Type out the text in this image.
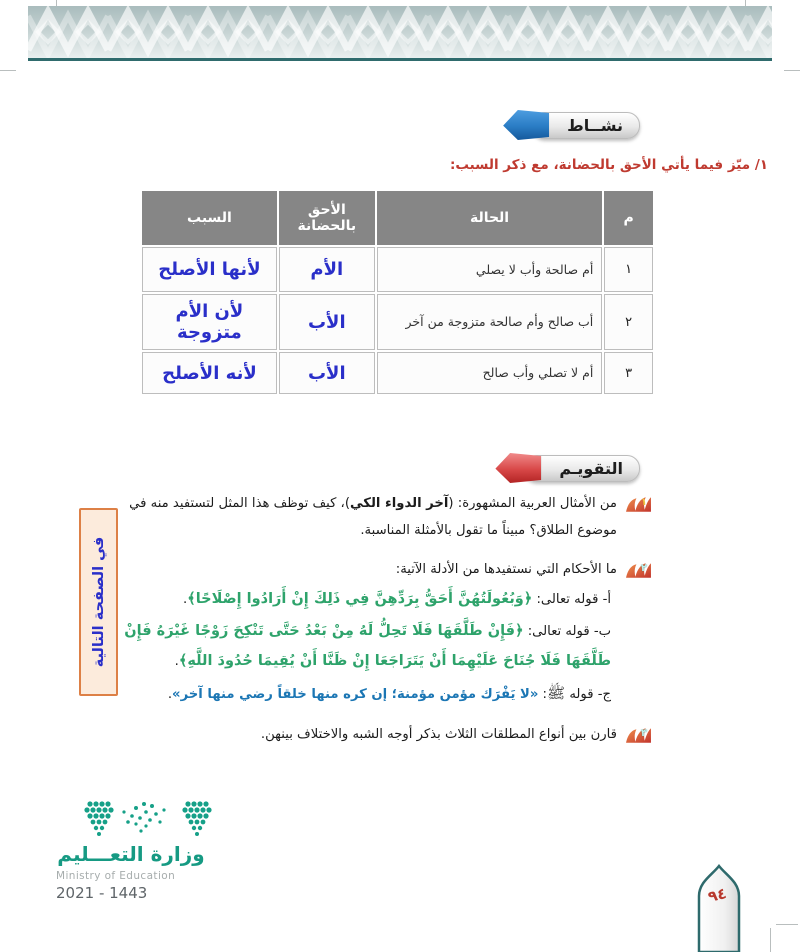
نشــاط
١/ ميّز فيما يأتي الأحق بالحضانة، مع ذكر السبب:
م	الحالة	الأحق بالحضانة	السبب
١	أم صالحة وأب لا يصلي	الأم	لأنها الأصلح
٢	أب صالح وأم صالحة متزوجة من آخر	الأب	لأن الأم متزوجة
٣	أم لا تصلي وأب صالح	الأب	لأنه الأصلح
التقويـم
١
من الأمثال العربية المشهورة: (آخر الدواء الكي)، كيف توظف هذا المثل لتستفيد منه في موضوع الطلاق؟ مبيناً ما تقول بالأمثلة المناسبة.
٢
ما الأحكام التي نستفيدها من الأدلة الآتية:
أ- قوله تعالى: ﴿وَبُعُولَتُهُنَّ أَحَقُّ بِرَدِّهِنَّ فِي ذَلِكَ إِنْ أَرَادُوا إِصْلَاحًا﴾.
ب- قوله تعالى: ﴿فَإِنْ طَلَّقَهَا فَلَا تَحِلُّ لَهُ مِنْ بَعْدُ حَتَّى تَنْكِحَ زَوْجًا غَيْرَهُ فَإِنْ طَلَّقَهَا فَلَا جُنَاحَ عَلَيْهِمَا أَنْ يَتَرَاجَعَا إِنْ ظَنَّا أَنْ يُقِيمَا حُدُودَ اللَّهِ﴾.
ج- قوله ﷺ: «لا يَفْرَك مؤمن مؤمنة؛ إن كره منها خلقاً رضي منها آخر».
٣
قارن بين أنواع المطلقات الثلاث بذكر أوجه الشبه والاختلاف بينهن.
في الصفحة التالية
وزارة التعـــليم
Ministry of Education
2021 - 1443	٩٤
